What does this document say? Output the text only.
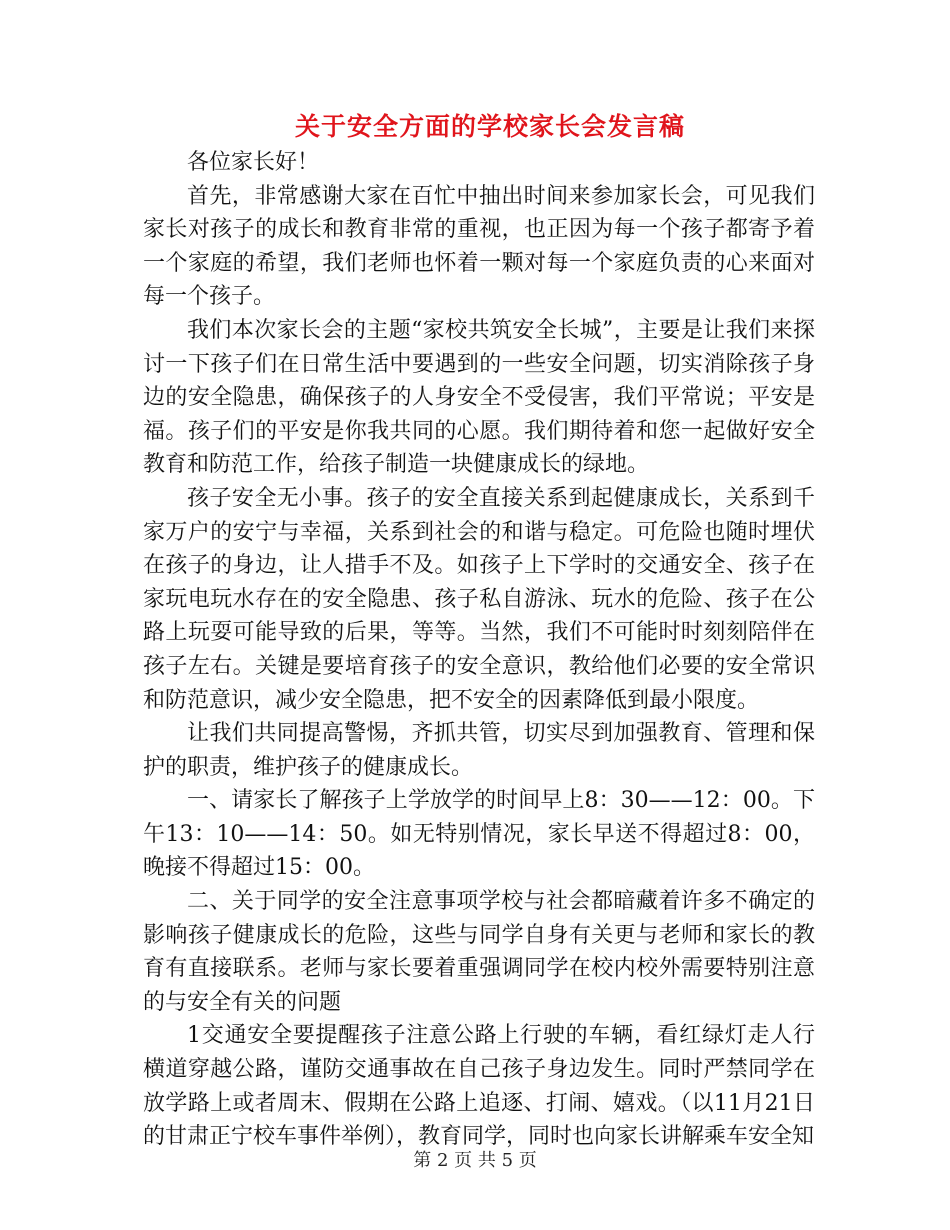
关于安全方面的学校家长会发言稿

各位家长好！

首先，非常感谢大家在百忙中抽出时间来参加家长会，可见我们家长对孩子的成长和教育非常的重视，也正因为每一个孩子都寄予着一个家庭的希望，我们老师也怀着一颗对每一个家庭负责的心来面对每一个孩子。

我们本次家长会的主题“家校共筑安全长城”，主要是让我们来探讨一下孩子们在日常生活中要遇到的一些安全问题，切实消除孩子身边的安全隐患，确保孩子的人身安全不受侵害，我们平常说；平安是福。孩子们的平安是你我共同的心愿。我们期待着和您一起做好安全教育和防范工作，给孩子制造一块健康成长的绿地。

孩子安全无小事。孩子的安全直接关系到起健康成长，关系到千家万户的安宁与幸福，关系到社会的和谐与稳定。可危险也随时埋伏在孩子的身边，让人措手不及。如孩子上下学时的交通安全、孩子在家玩电玩水存在的安全隐患、孩子私自游泳、玩水的危险、孩子在公路上玩耍可能导致的后果，等等。当然，我们不可能时时刻刻陪伴在孩子左右。关键是要培育孩子的安全意识，教给他们必要的安全常识和防范意识，减少安全隐患，把不安全的因素降低到最小限度。

让我们共同提高警惕，齐抓共管，切实尽到加强教育、管理和保护的职责，维护孩子的健康成长。

一、请家长了解孩子上学放学的时间早上8：30——12：00。下午13：10——14：50。如无特别情况，家长早送不得超过8：00，晚接不得超过15：00。

二、关于同学的安全注意事项学校与社会都暗藏着许多不确定的影响孩子健康成长的危险，这些与同学自身有关更与老师和家长的教育有直接联系。老师与家长要着重强调同学在校内校外需要特别注意的与安全有关的问题

1交通安全要提醒孩子注意公路上行驶的车辆，看红绿灯走人行横道穿越公路，谨防交通事故在自己孩子身边发生。同时严禁同学在放学路上或者周末、假期在公路上追逐、打闹、嬉戏。（以11月21日的甘肃正宁校车事件举例），教育同学，同时也向家长讲解乘车安全知

第 2 页 共 5 页
